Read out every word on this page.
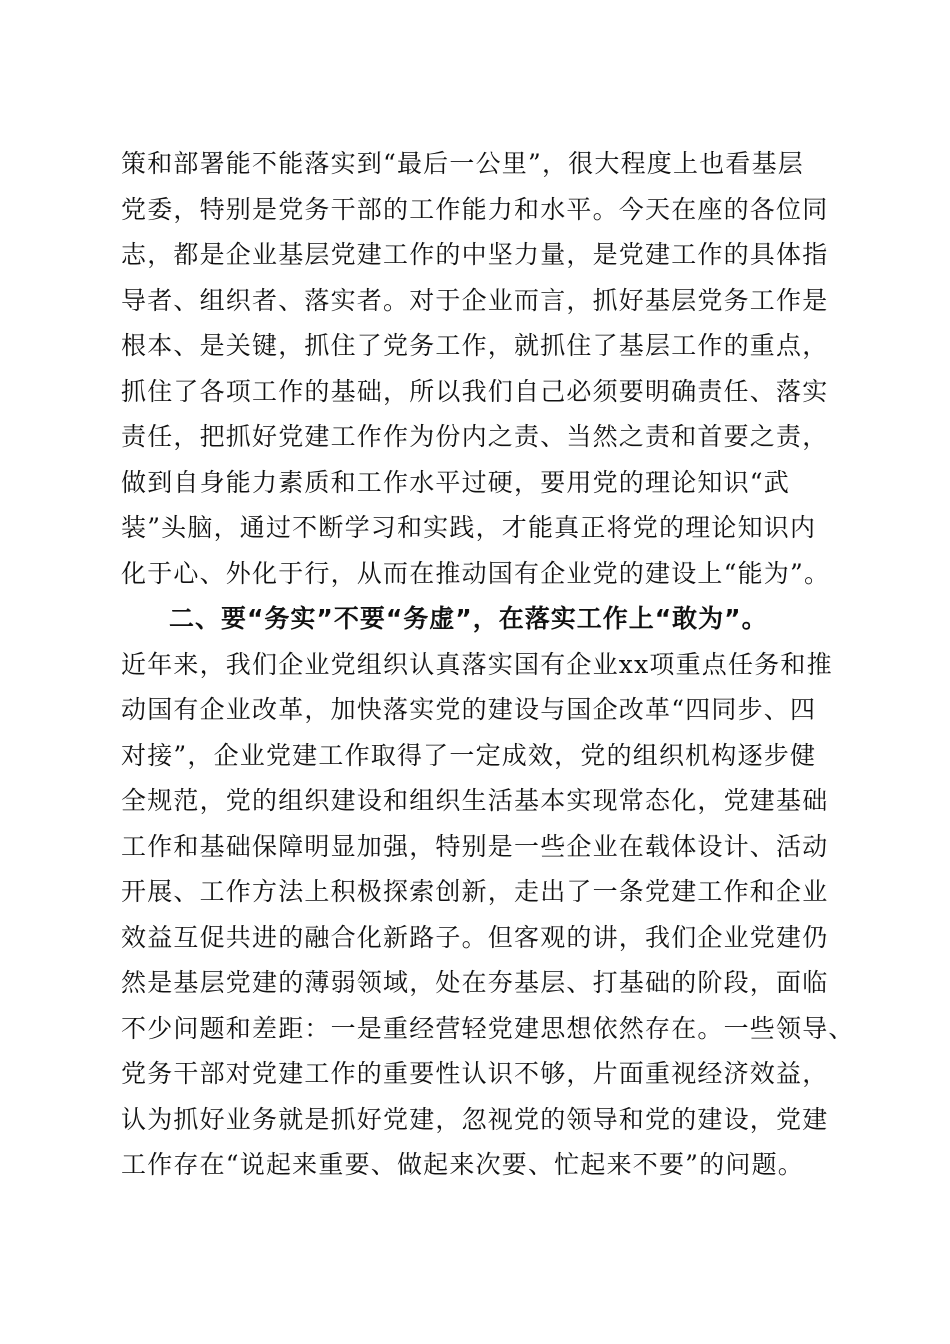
策和部署能不能落实到“最后一公里”，很大程度上也看基层
党委，特别是党务干部的工作能力和水平。今天在座的各位同
志，都是企业基层党建工作的中坚力量，是党建工作的具体指
导者、组织者、落实者。对于企业而言，抓好基层党务工作是
根本、是关键，抓住了党务工作，就抓住了基层工作的重点，
抓住了各项工作的基础，所以我们自己必须要明确责任、落实
责任，把抓好党建工作作为份内之责、当然之责和首要之责，
做到自身能力素质和工作水平过硬，要用党的理论知识“武
装”头脑，通过不断学习和实践，才能真正将党的理论知识内
化于心、外化于行，从而在推动国有企业党的建设上“能为”。
二、要“务实”不要“务虚”，在落实工作上“敢为”。
近年来，我们企业党组织认真落实国有企业xx项重点任务和推
动国有企业改革，加快落实党的建设与国企改革“四同步、四
对接”，企业党建工作取得了一定成效，党的组织机构逐步健
全规范，党的组织建设和组织生活基本实现常态化，党建基础
工作和基础保障明显加强，特别是一些企业在载体设计、活动
开展、工作方法上积极探索创新，走出了一条党建工作和企业
效益互促共进的融合化新路子。但客观的讲，我们企业党建仍
然是基层党建的薄弱领域，处在夯基层、打基础的阶段，面临
不少问题和差距：一是重经营轻党建思想依然存在。一些领导、
党务干部对党建工作的重要性认识不够，片面重视经济效益，
认为抓好业务就是抓好党建，忽视党的领导和党的建设，党建
工作存在“说起来重要、做起来次要、忙起来不要”的问题。
